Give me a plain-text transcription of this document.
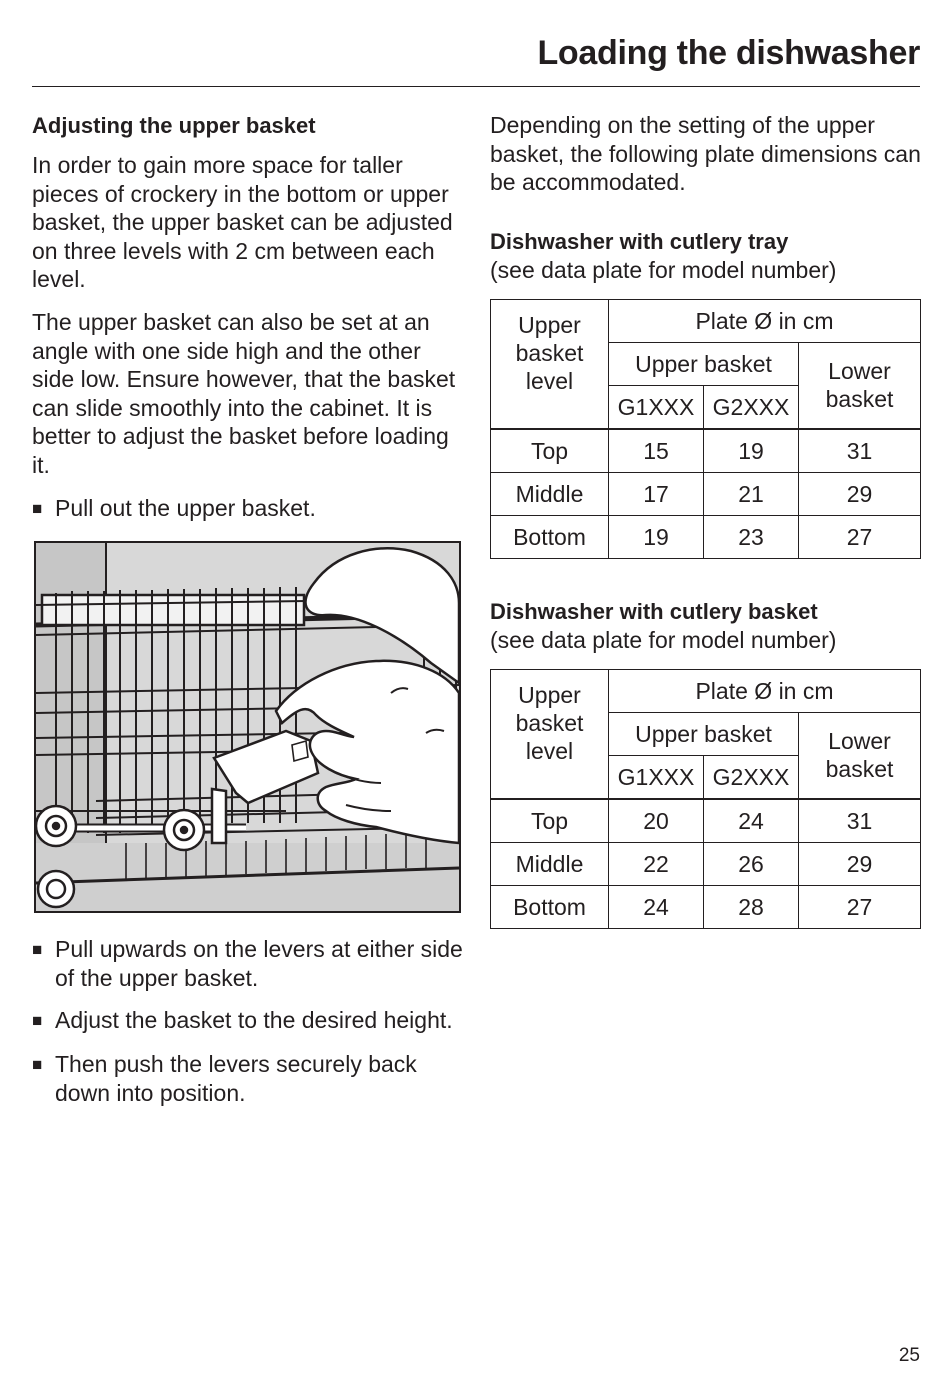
Loading the dishwasher
Adjusting the upper basket

In order to gain more space for taller pieces of crockery in the bottom or upper basket, the upper basket can be adjusted on three levels with 2 cm between each level.

The upper basket can also be set at an angle with one side high and the other side low. Ensure however, that the basket can slide smoothly into the cabinet. It is better to adjust the basket before loading it.

■ Pull out the upper basket.
■ Pull upwards on the levers at either side of the upper basket.
■ Adjust the basket to the desired height.
■ Then push the levers securely back down into position.

Depending on the setting of the upper basket, the following plate dimensions can be accommodated.

Dishwasher with cutlery tray
(see data plate for model number)
Upper basket level	Plate Ø in cm		
	Upper basket		Lower basket
	G1XXX	G2XXX	
Top	15	19	31
Middle	17	21	29
Bottom	19	23	27
Dishwasher with cutlery basket
(see data plate for model number)
Upper basket level	Plate Ø in cm		
	Upper basket		Lower basket
	G1XXX	G2XXX	
Top	20	24	31
Middle	22	26	29
Bottom	24	28	27
25
